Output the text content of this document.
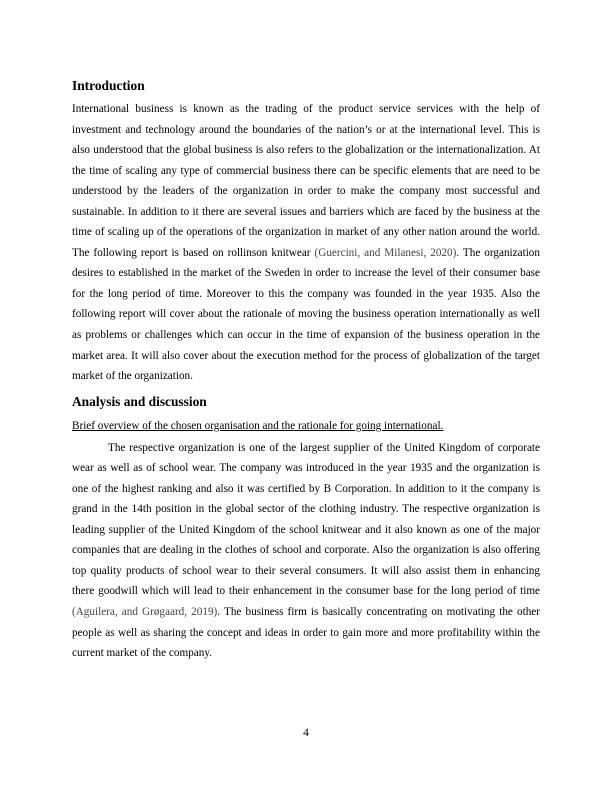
Introduction

International business is known as the trading of the product service services with the help of investment and technology around the boundaries of the nation’s or at the international level. This is also understood that the global business is also refers to the globalization or the internationalization. At the time of scaling any type of commercial business there can be specific elements that are need to be understood by the leaders of the organization in order to make the company most successful and sustainable. In addition to it there are several issues and barriers which are faced by the business at the time of scaling up of the operations of the organization in market of any other nation around the world. The following report is based on rollinson knitwear (Guercini, and Milanesi, 2020). The organization desires to established in the market of the Sweden in order to increase the level of their consumer base for the long period of time. Moreover to this the company was founded in the year 1935. Also the following report will cover about the rationale of moving the business operation internationally as well as problems or challenges which can occur in the time of expansion of the business operation in the market area. It will also cover about the execution method for the process of globalization of the target market of the organization.

Analysis and discussion

Brief overview of the chosen organisation and the rationale for going international.

The respective organization is one of the largest supplier of the United Kingdom of corporate wear as well as of school wear. The company was introduced in the year 1935 and the organization is one of the highest ranking and also it was certified by B Corporation. In addition to it the company is grand in the 14th position in the global sector of the clothing industry. The respective organization is leading supplier of the United Kingdom of the school knitwear and it also known as one of the major companies that are dealing in the clothes of school and corporate. Also the organization is also offering top quality products of school wear to their several consumers. It will also assist them in enhancing there goodwill which will lead to their enhancement in the consumer base for the long period of time (Aguilera, and Grøgaard, 2019). The business firm is basically concentrating on motivating the other people as well as sharing the concept and ideas in order to gain more and more profitability within the current market of the company.

4
